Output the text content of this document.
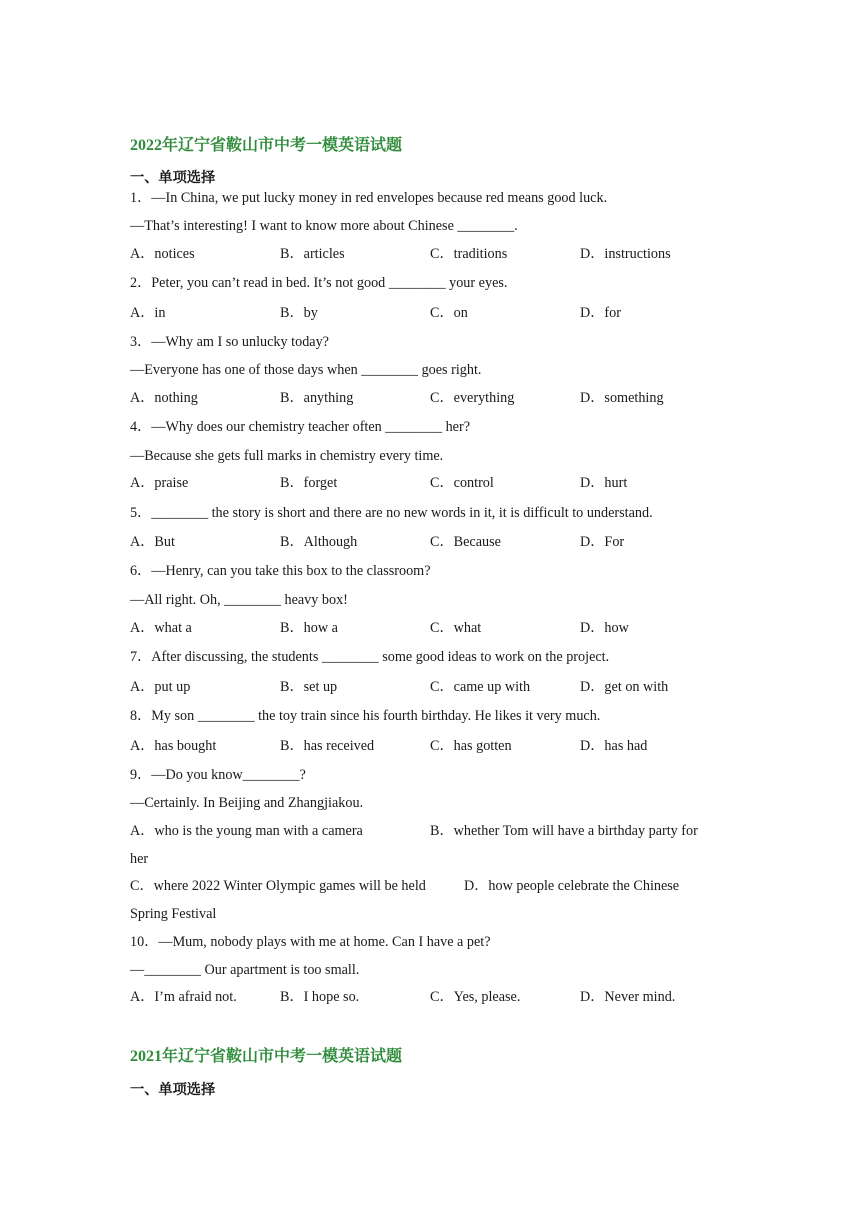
2022年辽宁省鞍山市中考一模英语试题
一、单项选择
1．—In China, we put lucky money in red envelopes because red means good luck.
—That’s interesting! I want to know more about Chinese ________.
A．notices	B．articles	C．traditions	D．instructions
2．Peter, you can’t read in bed. It’s not good ________ your eyes.
A．in	B．by	C．on	D．for
3．—Why am I so unlucky today?
—Everyone has one of those days when ________ goes right.
A．nothing	B．anything	C．everything	D．something
4．—Why does our chemistry teacher often ________ her?
—Because she gets full marks in chemistry every time.
A．praise	B．forget	C．control	D．hurt
5．________ the story is short and there are no new words in it, it is difficult to understand.
A．But	B．Although	C．Because	D．For
6．—Henry, can you take this box to the classroom?
—All right. Oh, ________ heavy box!
A．what a	B．how a	C．what	D．how
7．After discussing, the students ________ some good ideas to work on the project.
A．put up	B．set up	C．came up with	D．get on with
8．My son ________ the toy train since his fourth birthday. He likes it very much.
A．has bought	B．has received	C．has gotten	D．has had
9．—Do you know________?
—Certainly. In Beijing and Zhangjiakou.
A．who is the young man with a camera	B．whether Tom will have a birthday party for
her
C．where 2022 Winter Olympic games will be held	D．how people celebrate the Chinese
Spring Festival
10．—Mum, nobody plays with me at home. Can I have a pet?
—________ Our apartment is too small.
A．I’m afraid not.	B．I hope so.	C．Yes, please.	D．Never mind.
2021年辽宁省鞍山市中考一模英语试题
一、单项选择
